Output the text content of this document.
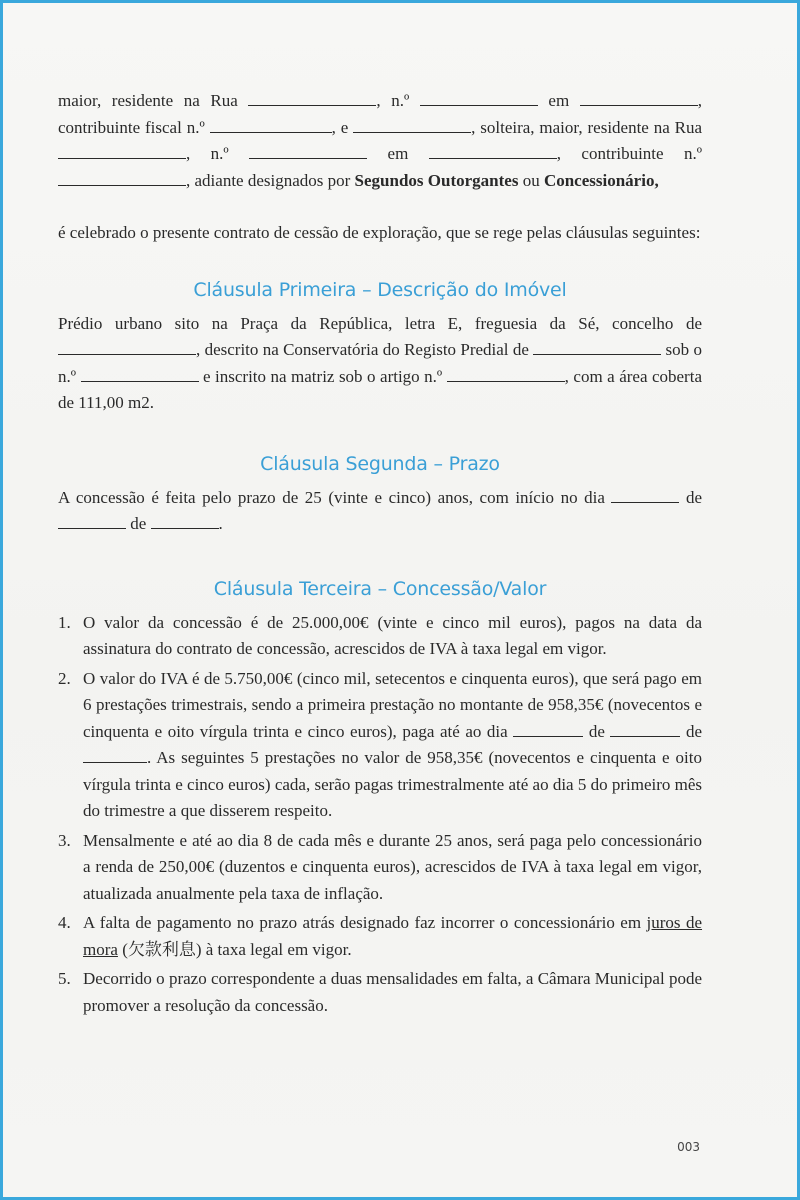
maior, residente na Rua	, n.º	em	, contribuinte fiscal n.º	, e	, solteira, maior, residente na Rua , n.º	em	, contribuinte n.º , adiante designados por Segundos Outorgantes ou Concessionário,

é celebrado o presente contrato de cessão de exploração, que se rege pelas cláusulas seguintes:

Cláusula Primeira – Descrição do Imóvel

Prédio urbano sito na Praça da República, letra E, freguesia da Sé, concelho de , descrito na Conservatória do Registo Predial de	sob o n.º	e inscrito na matriz sob o artigo n.º	, com a área coberta de 111,00 m2.

Cláusula Segunda – Prazo

A concessão é feita pelo prazo de 25 (vinte e cinco) anos, com início no dia	de  de	.

Cláusula Terceira – Concessão/Valor
1. O valor da concessão é de 25.000,00€ (vinte e cinco mil euros), pagos na data da assinatura do contrato de concessão, acrescidos de IVA à taxa legal em vigor.
2. O valor do IVA é de 5.750,00€ (cinco mil, setecentos e cinquenta euros), que será pago em 6 prestações trimestrais, sendo a primeira prestação no montante de 958,35€ (novecentos e cinquenta e oito vírgula trinta e cinco euros), paga até ao dia	de	de . As seguintes 5 prestações no valor de 958,35€ (novecentos e cinquenta e oito vírgula trinta e cinco euros) cada, serão pagas trimestralmente até ao dia 5 do primeiro mês do trimestre a que disserem respeito.
3. Mensalmente e até ao dia 8 de cada mês e durante 25 anos, será paga pelo concessionário a renda de 250,00€ (duzentos e cinquenta euros), acrescidos de IVA à taxa legal em vigor, atualizada anualmente pela taxa de inflação.
4. A falta de pagamento no prazo atrás designado faz incorrer o concessionário em juros de mora (欠款利息) à taxa legal em vigor.
5. Decorrido o prazo correspondente a duas mensalidades em falta, a Câmara Municipal pode promover a resolução da concessão.
003
